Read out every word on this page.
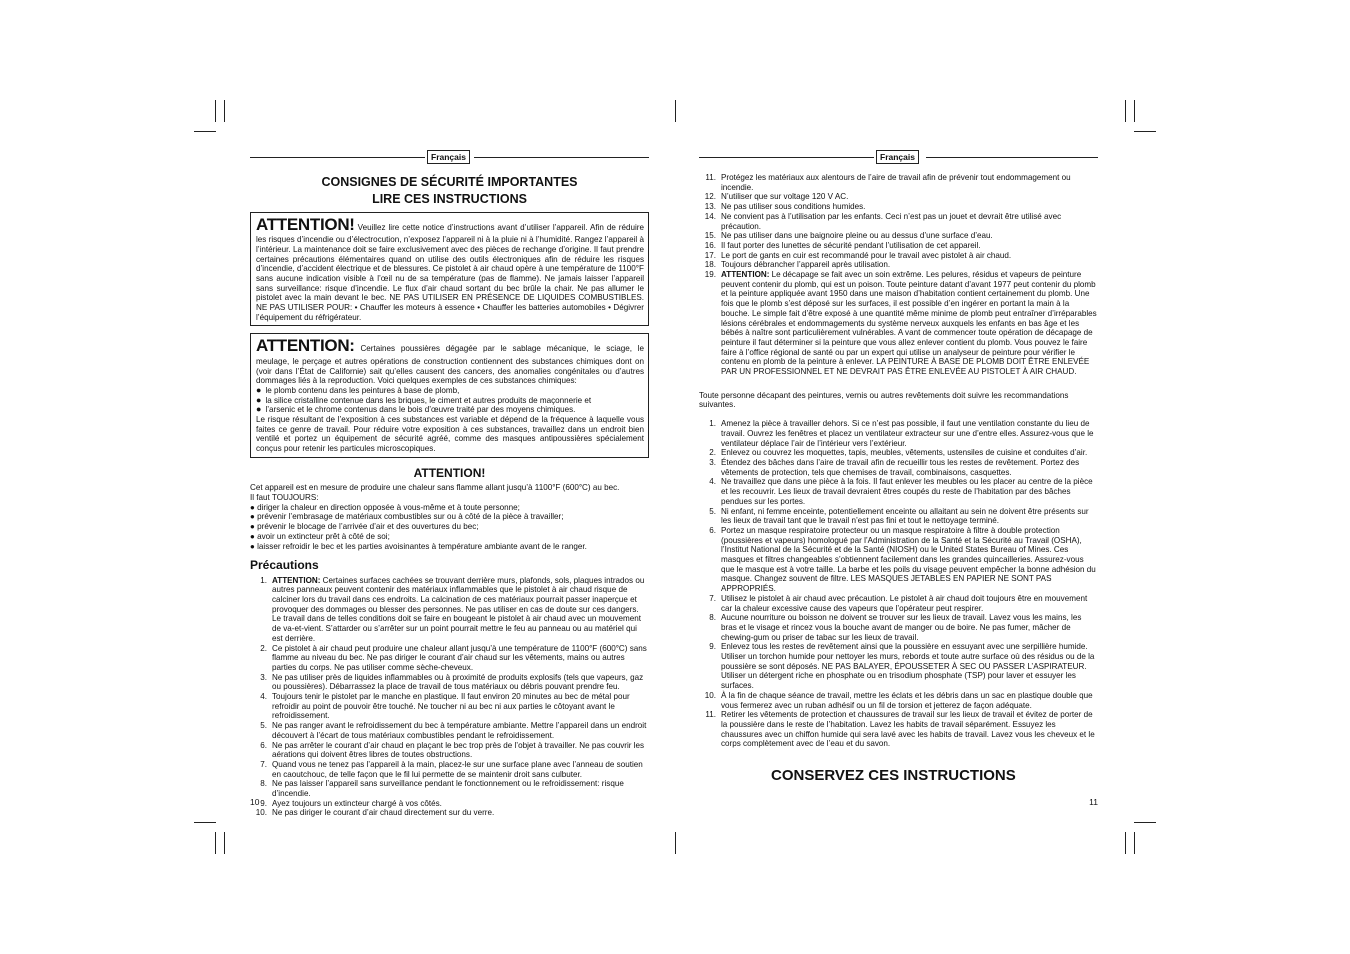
Français
CONSIGNES DE SÉCURITÉ IMPORTANTES
LIRE CES INSTRUCTIONS
ATTENTION! Veuillez lire cette notice d’instructions avant d’utiliser l’appareil. Afin de réduire les risques d’incendie ou d’électrocution, n’exposez l’appareil ni à la pluie ni à l’humidité. Rangez l’appareil à l’intérieur. La maintenance doit se faire exclusivement avec des pièces de rechange d’origine. Il faut prendre certaines précautions élémentaires quand on utilise des outils électroniques afin de réduire les risques d’incendie, d’accident électrique et de blessures. Ce pistolet à air chaud opère à une température de 1100°F sans aucune indication visible à l’œil nu de sa température (pas de flamme). Ne jamais laisser l’appareil sans surveillance: risque d’incendie. Le flux d’air chaud sortant du bec brûle la chair. Ne pas allumer le pistolet avec la main devant le bec. NE PAS UTILISER EN PRÉSENCE DE LIQUIDES COMBUSTIBLES. NE PAS UTILISER POUR: • Chauffer les moteurs à essence • Chauffer les batteries automobiles • Dégivrer l’équipement du réfrigérateur.
ATTENTION: Certaines poussières dégagée par le sablage mécanique, le sciage, le meulage, le perçage et autres opérations de construction contiennent des substances chimiques dont on (voir dans l’État de Californie) sait qu’elles causent des cancers, des anomalies congénitales ou d’autres dommages liés à la reproduction. Voici quelques exemples de ces substances chimiques:
● le plomb contenu dans les peintures à base de plomb,
● la silice cristalline contenue dans les briques, le ciment et autres produits de maçonnerie et
● l’arsenic et le chrome contenus dans le bois d’œuvre traité par des moyens chimiques.
Le risque résultant de l’exposition à ces substances est variable et dépend de la fréquence à laquelle vous faites ce genre de travail. Pour réduire votre exposition à ces substances, travaillez dans un endroit bien ventilé et portez un équipement de sécurité agréé, comme des masques antipoussières spécialement conçus pour retenir les particules microscopiques.
ATTENTION!

Cet appareil est en mesure de produire une chaleur sans flamme allant jusqu’à 1100°F (600°C) au bec.

Il faut TOUJOURS:

● diriger la chaleur en direction opposée à vous-même et à toute personne;

● prévenir l’embrasage de matériaux combustibles sur ou à côté de la pièce à travailler;

● prévenir le blocage de l’arrivée d’air et des ouvertures du bec;

● avoir un extincteur prêt à côté de soi;

● laisser refroidir le bec et les parties avoisinantes à température ambiante avant de le ranger.

Précautions
1. ATTENTION: Certaines surfaces cachées se trouvant derrière murs, plafonds, sols, plaques intrados ou autres panneaux peuvent contenir des matériaux inflammables que le pistolet à air chaud risque de calciner lors du travail dans ces endroits. La calcination de ces matériaux pourrait passer inaperçue et provoquer des dommages ou blesser des personnes. Ne pas utiliser en cas de doute sur ces dangers. Le travail dans de telles conditions doit se faire en bougeant le pistolet à air chaud avec un mouvement de va-et-vient. S’attarder ou s’arrêter sur un point pourrait mettre le feu au panneau ou au matériel qui est derrière.
2. Ce pistolet à air chaud peut produire une chaleur allant jusqu’à une température de 1100°F (600°C) sans flamme au niveau du bec. Ne pas diriger le courant d’air chaud sur les vêtements, mains ou autres parties du corps. Ne pas utiliser comme sèche-cheveux.
3. Ne pas utiliser près de liquides inflammables ou à proximité de produits explosifs (tels que vapeurs, gaz ou poussières). Débarrassez la place de travail de tous matériaux ou débris pouvant prendre feu.
4. Toujours tenir le pistolet par le manche en plastique. Il faut environ 20 minutes au bec de métal pour refroidir au point de pouvoir être touché. Ne toucher ni au bec ni aux parties le côtoyant avant le refroidissement.
5. Ne pas ranger avant le refroidissement du bec à température ambiante. Mettre l’appareil dans un endroit découvert à l’écart de tous matériaux combustibles pendant le refroidissement.
6. Ne pas arrêter le courant d’air chaud en plaçant le bec trop près de l’objet à travailler. Ne pas couvrir les aérations qui doivent êtres libres de toutes obstructions.
7. Quand vous ne tenez pas l’appareil à la main, placez-le sur une surface plane avec l’anneau de soutien en caoutchouc, de telle façon que le fil lui permette de se maintenir droit sans culbuter.
8. Ne pas laisser l’appareil sans surveillance pendant le fonctionnement ou le refroidissement: risque d’incendie.
9. Ayez toujours un extincteur chargé à vos côtés.
10. Ne pas diriger le courant d’air chaud directement sur du verre.
10
Français
11. Protégez les matériaux aux alentours de l’aire de travail afin de prévenir tout endommagement ou incendie.
12. N’utiliser que sur voltage 120 V AC.
13. Ne pas utiliser sous conditions humides.
14. Ne convient pas à l’utilisation par les enfants. Ceci n’est pas un jouet et devrait être utilisé avec précaution.
15. Ne pas utiliser dans une baignoire pleine ou au dessus d’une surface d’eau.
16. Il faut porter des lunettes de sécurité pendant l’utilisation de cet appareil.
17. Le port de gants en cuir est recommandé pour le travail avec pistolet à air chaud.
18. Toujours débrancher l’appareil après utilisation.
19. ATTENTION: Le décapage se fait avec un soin extrême. Les pelures, résidus et vapeurs de peinture peuvent contenir du plomb, qui est un poison. Toute peinture datant d’avant 1977 peut contenir du plomb et la peinture appliquée avant 1950 dans une maison d’habitation contient certainement du plomb. Une fois que le plomb s’est déposé sur les surfaces, il est possible d’en ingérer en portant la main à la bouche. Le simple fait d’être exposé à une quantité même minime de plomb peut entraîner d’irréparables lésions cérébrales et endommagements du système nerveux auxquels les enfants en bas âge et les bébés à naître sont particulièrement vulnérables. A vant de commencer toute opération de décapage de peinture il faut déterminer si la peinture que vous allez enlever contient du plomb. Vous pouvez le faire faire à l’office régional de santé ou par un expert qui utilise un analyseur de peinture pour vérifier le contenu en plomb de la peinture à enlever. LA PEINTURE À BASE DE PLOMB DOIT ÊTRE ENLEVÉE PAR UN PROFESSIONNEL ET NE DEVRAIT PAS ÊTRE ENLEVÉE AU PISTOLET À AIR CHAUD.
Toute personne décapant des peintures, vernis ou autres revêtements doit suivre les recommandations suivantes.
1. Amenez la pièce à travailler dehors. Si ce n’est pas possible, il faut une ventilation constante du lieu de travail. Ouvrez les fenêtres et placez un ventilateur extracteur sur une d’entre elles. Assurez-vous que le ventilateur déplace l’air de l’intérieur vers l’extérieur.
2. Enlevez ou couvrez les moquettes, tapis, meubles, vêtements, ustensiles de cuisine et conduites d’air.
3. Étendez des bâches dans l’aire de travail afin de recueillir tous les restes de revêtement. Portez des vêtements de protection, tels que chemises de travail, combinaisons, casquettes.
4. Ne travaillez que dans une pièce à la fois. Il faut enlever les meubles ou les placer au centre de la pièce et les recouvrir. Les lieux de travail devraient êtres coupés du reste de l’habitation par des bâches pendues sur les portes.
5. Ni enfant, ni femme enceinte, potentiellement enceinte ou allaitant au sein ne doivent être présents sur les lieux de travail tant que le travail n’est pas fini et tout le nettoyage terminé.
6. Portez un masque respiratoire protecteur ou un masque respiratoire à filtre à double protection (poussières et vapeurs) homologué par l’Administration de la Santé et la Sécurité au Travail (OSHA), l’Institut National de la Sécurité et de la Santé (NIOSH) ou le United States Bureau of Mines. Ces masques et filtres changeables s’obtiennent facilement dans les grandes quincailleries. Assurez-vous que le masque est à votre taille. La barbe et les poils du visage peuvent empêcher la bonne adhésion du masque. Changez souvent de filtre. LES MASQUES JETABLES EN PAPIER NE SONT PAS APPROPRIÉS.
7. Utilisez le pistolet à air chaud avec précaution. Le pistolet à air chaud doit toujours être en mouvement car la chaleur excessive cause des vapeurs que l’opérateur peut respirer.
8. Aucune nourriture ou boisson ne doivent se trouver sur les lieux de travail. Lavez vous les mains, les bras et le visage et rincez vous la bouche avant de manger ou de boire. Ne pas fumer, mâcher de chewing-gum ou priser de tabac sur les lieux de travail.
9. Enlevez tous les restes de revêtement ainsi que la poussière en essuyant avec une serpillière humide. Utiliser un torchon humide pour nettoyer les murs, rebords et toute autre surface où des résidus ou de la poussière se sont déposés. NE PAS BALAYER, ÉPOUSSETER À SEC OU PASSER L’ASPIRATEUR. Utiliser un détergent riche en phosphate ou en trisodium phosphate (TSP) pour laver et essuyer les surfaces.
10. À la fin de chaque séance de travail, mettre les éclats et les débris dans un sac en plastique double que vous fermerez avec un ruban adhésif ou un fil de torsion et jetterez de façon adéquate.
11. Retirer les vêtements de protection et chaussures de travail sur les lieux de travail et évitez de porter de la poussière dans le reste de l’habitation. Lavez les habits de travail séparément. Essuyez les chaussures avec un chiffon humide qui sera lavé avec les habits de travail. Lavez vous les cheveux et le corps complètement avec de l’eau et du savon.
CONSERVEZ CES INSTRUCTIONS
11
